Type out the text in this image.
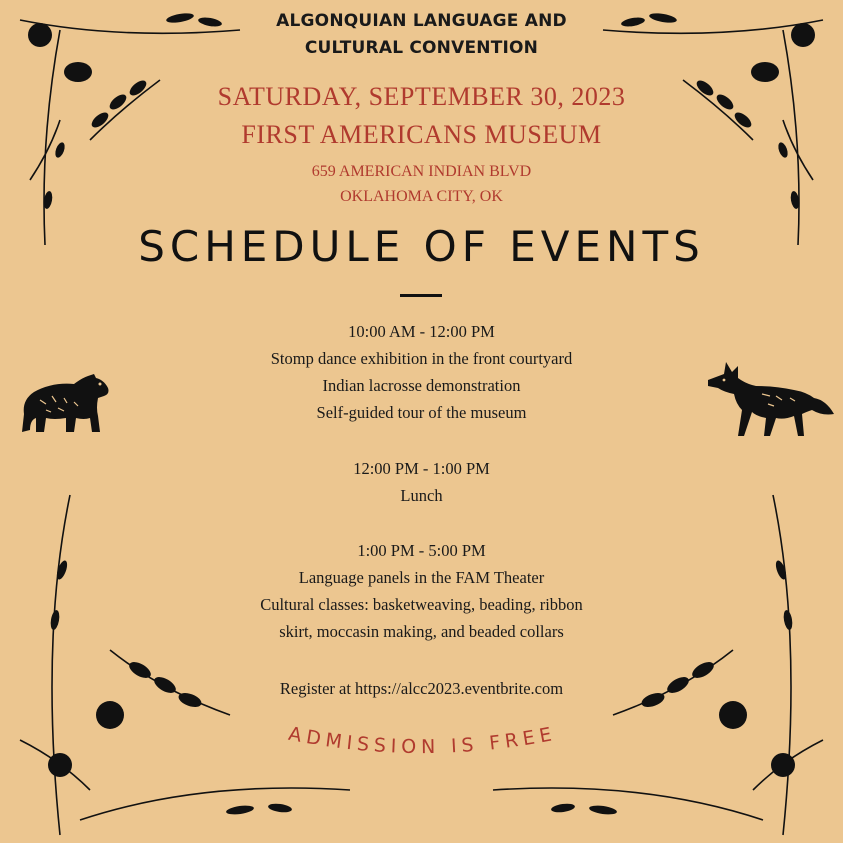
ALGONQUIAN LANGUAGE AND
CULTURAL CONVENTION
SATURDAY, SEPTEMBER 30, 2023
FIRST AMERICANS MUSEUM
659 AMERICAN INDIAN BLVD
OKLAHOMA CITY, OK
SCHEDULE OF EVENTS
10:00 AM - 12:00 PM
Stomp dance exhibition in the front courtyard
Indian lacrosse demonstration
Self-guided tour of the museum
12:00 PM - 1:00 PM
Lunch
1:00 PM - 5:00 PM
Language panels in the FAM Theater
Cultural classes: basketweaving, beading, ribbon
skirt, moccasin making, and beaded collars
Register at https://alcc2023.eventbrite.com
ADMISSION IS FREE
